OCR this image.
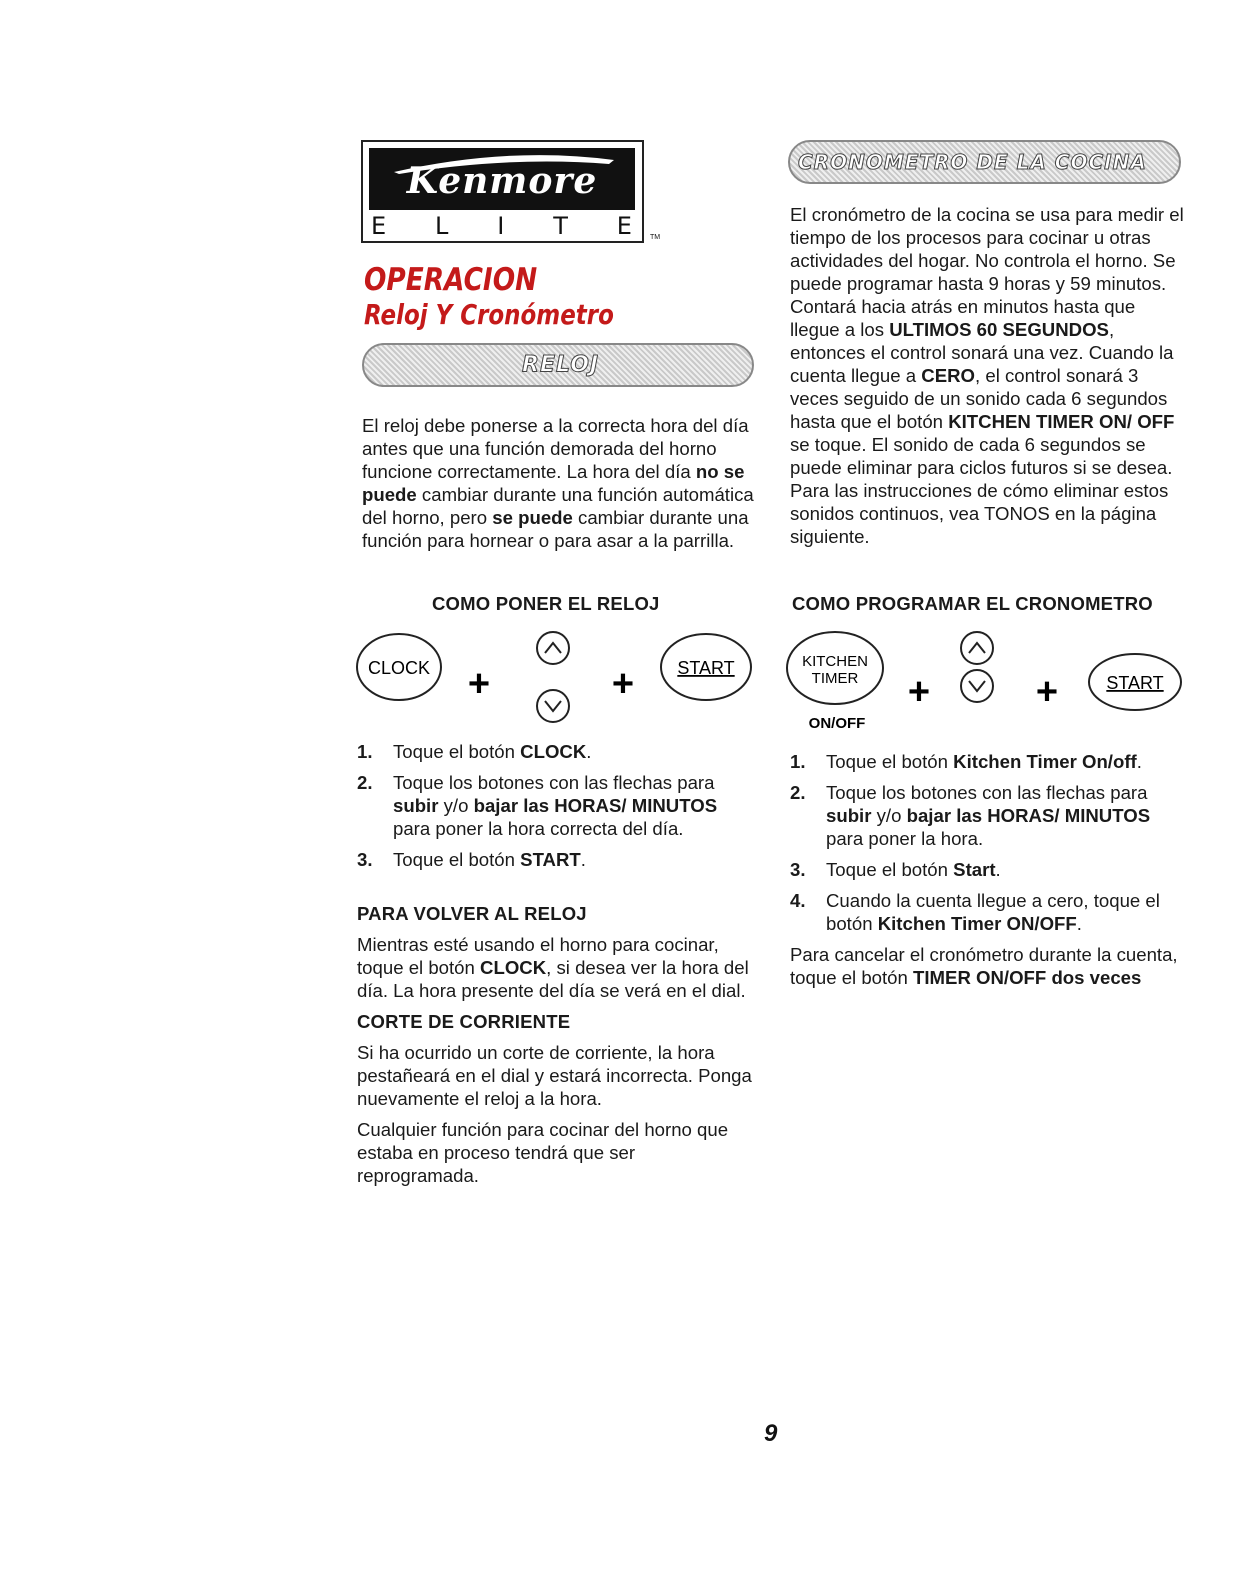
Kenmore
E L I T E TM
OPERACION
Reloj Y Cronómetro
RELOJ
CRONOMETRO DE LA COCINA

El reloj debe ponerse a la correcta hora del día antes que una función demorada del horno funcione correctamente. La hora del día no se puede cambiar durante una función automática del horno, pero se puede cambiar durante una función para hornear o para asar a la parrilla.

COMO PONER EL RELOJ
CLOCK +	+ START
1. Toque el botón CLOCK.
2. Toque los botones con las flechas para subir y/o bajar las HORAS/ MINUTOS para poner la hora correcta del día.
3. Toque el botón START.

PARA VOLVER AL RELOJ

Mientras esté usando el horno para cocinar, toque el botón CLOCK, si desea ver la hora del día. La hora presente del día se verá en el dial.

CORTE DE CORRIENTE

Si ha ocurrido un corte de corriente, la hora pestañeará en el dial y estará incorrecta. Ponga nuevamente el reloj a la hora.

Cualquier función para cocinar del horno que estaba en proceso tendrá que ser reprogramada.

El cronómetro de la cocina se usa para medir el tiempo de los procesos para cocinar u otras actividades del hogar. No controla el horno. Se puede programar hasta 9 horas y 59 minutos. Contará hacia atrás en minutos hasta que llegue a los ULTIMOS 60 SEGUNDOS, entonces el control sonará una vez. Cuando la cuenta llegue a CERO, el control sonará 3 veces seguido de un sonido cada 6 segundos hasta que el botón KITCHEN TIMER ON/ OFF se toque. El sonido de cada 6 segundos se puede eliminar para ciclos futuros si se desea. Para las instrucciones de cómo eliminar estos sonidos continuos, vea TONOS en la página siguiente.

COMO PROGRAMAR EL CRONOMETRO
KITCHEN
TIMER
ON/OFF
+	+	START
1. Toque el botón Kitchen Timer On/off.
2. Toque los botones con las flechas para subir y/o bajar las HORAS/ MINUTOS para poner la hora.
3. Toque el botón Start.
4. Cuando la cuenta llegue a cero, toque el botón Kitchen Timer ON/OFF.

Para cancelar el cronómetro durante la cuenta, toque el botón TIMER ON/OFF dos veces

9
